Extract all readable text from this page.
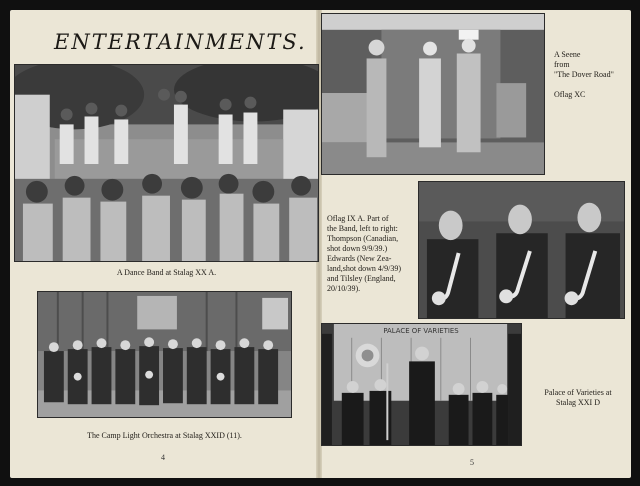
ENTERTAINMENTS.
A Dance Band at Stalag XX A.
The Camp Light Orchestra at Stalag XXID (11).
4
A Seene
from
"The Dover Road"
Oflag XC
Oflag IX A. Part of
the Band, left to right:
Thompson (Canadian,
shot down 9/9/39.)
Edwards (New Zea-
land,shot down 4/9/39)
and Tilsley (England,
20/10/39).
PALACE OF VARIETIES
Palace of Varieties at
Stalag XXI D
5
